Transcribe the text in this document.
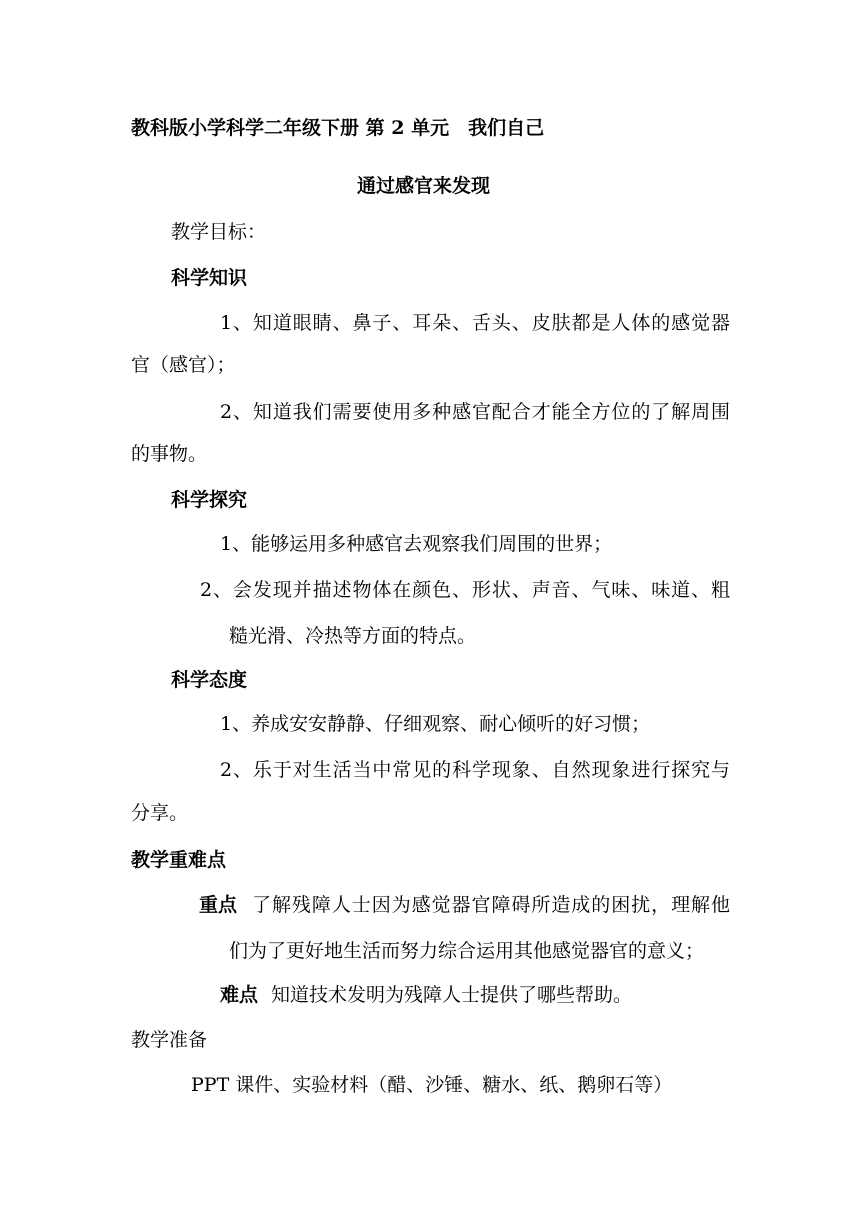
教科版小学科学二年级下册 第 2 单元　我们自己
通过感官来发现
教学目标：
科学知识
1、知道眼睛、鼻子、耳朵、舌头、皮肤都是人体的感觉器
官（感官）；
2、知道我们需要使用多种感官配合才能全方位的了解周围
的事物。
科学探究
1、能够运用多种感官去观察我们周围的世界；
2、会发现并描述物体在颜色、形状、声音、气味、味道、粗
糙光滑、冷热等方面的特点。
科学态度
1、养成安安静静、仔细观察、耐心倾听的好习惯；
2、乐于对生活当中常见的科学现象、自然现象进行探究与
分享。
教学重难点
重点 了解残障人士因为感觉器官障碍所造成的困扰，理解他
们为了更好地生活而努力综合运用其他感觉器官的意义；
难点 知道技术发明为残障人士提供了哪些帮助。
教学准备
PPT 课件、实验材料（醋、沙锤、糖水、纸、鹅卵石等）
